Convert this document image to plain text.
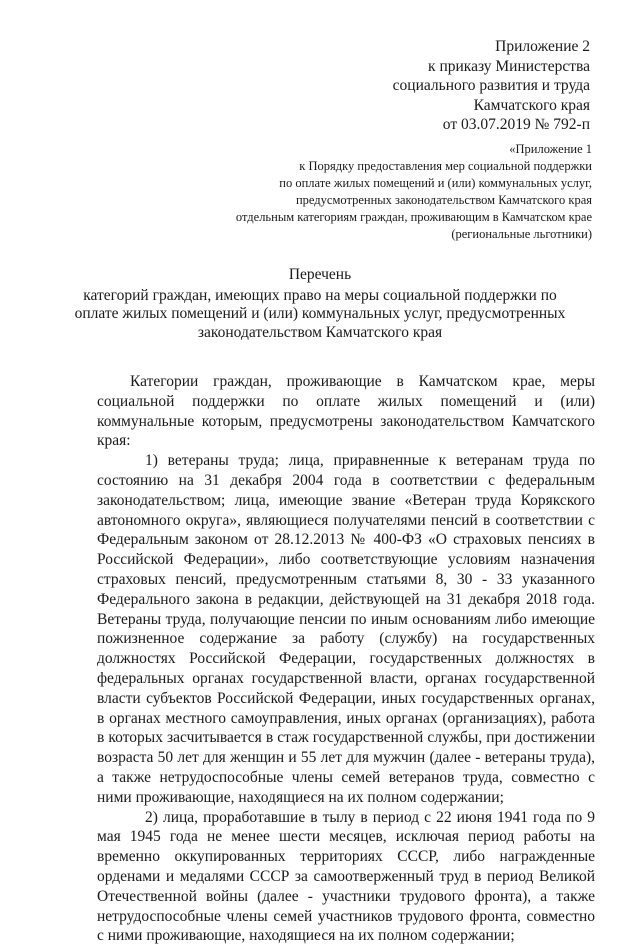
Приложение 2
к приказу Министерства
социального развития и труда
Камчатского края
от 03.07.2019 № 792-п
«Приложение 1
к Порядку предоставления мер социальной поддержки
по оплате жилых помещений и (или) коммунальных услуг,
предусмотренных законодательством Камчатского края
отдельным категориям граждан, проживающим в Камчатском крае
(региональные льготники)
Перечень
категорий граждан, имеющих право на меры социальной поддержки по
оплате жилых помещений и (или) коммунальных услуг, предусмотренных
законодательством Камчатского края

Категории граждан, проживающие в Камчатском крае, меры социальной поддержки по оплате жилых помещений и (или) коммунальные которым, предусмотрены законодательством Камчатского края:

1) ветераны труда; лица, приравненные к ветеранам труда по состоянию на 31 декабря 2004 года в соответствии с федеральным законодательством; лица, имеющие звание «Ветеран труда Корякского автономного округа», являющиеся получателями пенсий в соответствии с Федеральным законом от 28.12.2013 № 400-ФЗ «О страховых пенсиях в Российской Федерации», либо соответствующие условиям назначения страховых пенсий, предусмотренным статьями 8, 30 - 33 указанного Федерального закона в редакции, действующей на 31 декабря 2018 года. Ветераны труда, получающие пенсии по иным основаниям либо имеющие пожизненное содержание за работу (службу) на государственных должностях Российской Федерации, государственных должностях в федеральных органах государственной власти, органах государственной власти субъектов Российской Федерации, иных государственных органах, в органах местного самоуправления, иных органах (организациях), работа в которых засчитывается в стаж государственной службы, при достижении возраста 50 лет для женщин и 55 лет для мужчин (далее - ветераны труда), а также нетрудоспособные члены семей ветеранов труда, совместно с ними проживающие, находящиеся на их полном содержании;

2) лица, проработавшие в тылу в период с 22 июня 1941 года по 9 мая 1945 года не менее шести месяцев, исключая период работы на временно оккупированных территориях СССР, либо награжденные орденами и медалями СССР за самоотверженный труд в период Великой Отечественной войны (далее - участники трудового фронта), а также нетрудоспособные члены семей участников трудового фронта, совместно с ними проживающие, находящиеся на их полном содержании;
